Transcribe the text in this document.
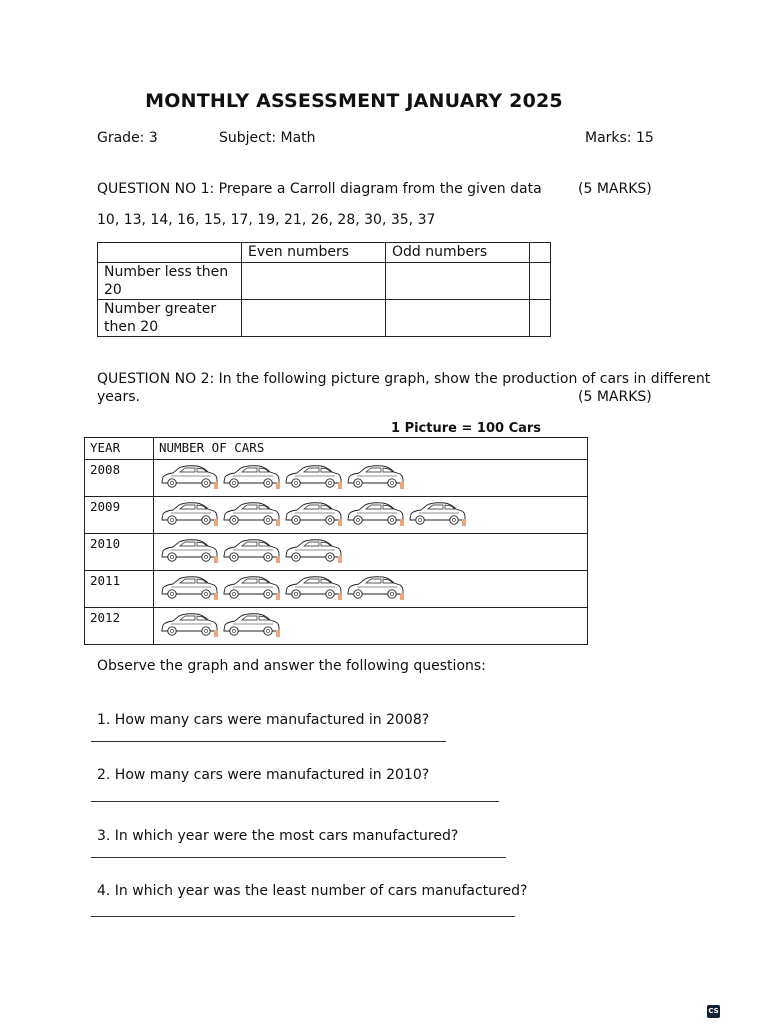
MONTHLY ASSESSMENT JANUARY 2025
Grade: 3	Subject: Math	Marks: 15
QUESTION NO 1: Prepare a Carroll diagram from the given data	(5 MARKS)
10, 13, 14, 16, 15, 17, 19, 21, 26, 28, 30, 35, 37
	Even numbers	Odd numbers	
Number less then 20			
Number greater then 20			
QUESTION NO 2: In the following picture graph, show the production of cars in different
years.	(5 MARKS)
1 Picture = 100 Cars
YEAR	NUMBER OF CARS
2008	
2009	
2010	
2011	
2012	
Observe the graph and answer the following questions:
1. How many cars were manufactured in 2008?
2. How many cars were manufactured in 2010?
3. In which year were the most cars manufactured?
4. In which year was the least number of cars manufactured?
CS
